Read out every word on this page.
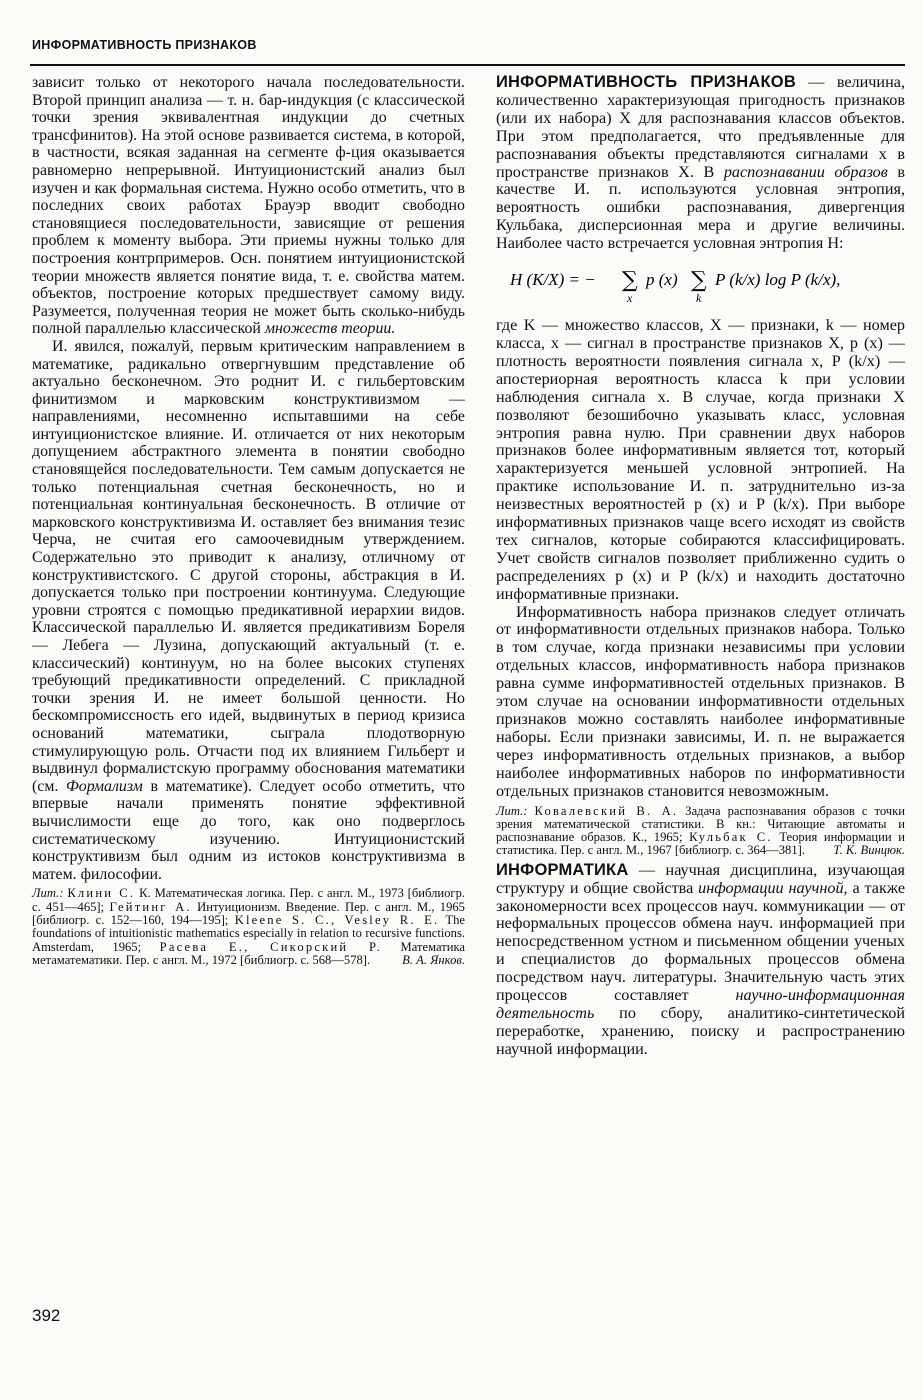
ИНФОРМАТИВНОСТЬ ПРИЗНАКОВ

зависит только от некоторого начала последовательности. Второй принцип анализа — т. н. бар-индукция (с классической точки зрения эквивалентная индукции до счетных трансфинитов). На этой основе развивается система, в которой, в частности, всякая заданная на сегменте ф-ция оказывается равномерно непрерывной. Интуиционистский анализ был изучен и как формальная система. Нужно особо отметить, что в последних своих работах Брауэр вводит свободно становящиеся последовательности, зависящие от решения проблем к моменту выбора. Эти приемы нужны только для построения контрпримеров. Осн. понятием интуиционистской теории множеств является понятие вида, т. е. свойства матем. объектов, построение которых предшествует самому виду. Разумеется, полученная теория не может быть сколько-нибудь полной параллелью классической множеств теории.

И. явился, пожалуй, первым критическим направлением в математике, радикально отвергнувшим представление об актуально бесконечном. Это роднит И. с гильбертовским финитизмом и марковским конструктивизмом —направлениями, несомненно испытавшими на себе интуиционистское влияние. И. отличается от них некоторым допущением абстрактного элемента в понятии свободно становящейся последовательности. Тем самым допускается не только потенциальная счетная бесконечность, но и потенциальная континуальная бесконечность. В отличие от марковского конструктивизма И. оставляет без внимания тезис Черча, не считая его самоочевидным утверждением. Содержательно это приводит к анализу, отличному от конструктивистского. С другой стороны, абстракция в И. допускается только при построении континуума. Следующие уровни строятся с помощью предикативной иерархии видов. Классической параллелью И. является предикативизм Бореля — Лебега — Лузина, допускающий актуальный (т. е. классический) континуум, но на более высоких ступенях требующий предикативности определений. С прикладной точки зрения И. не имеет большой ценности. Но бескомпромиссность его идей, выдвинутых в период кризиса оснований математики, сыграла плодотворную стимулирующую роль. Отчасти под их влиянием Гильберт и выдвинул формалистскую программу обоснования математики (см. Формализм в математике). Следует особо отметить, что впервые начали применять понятие эффективной вычислимости еще до того, как оно подверглось систематическому изучению. Интуиционистский конструктивизм был одним из истоков конструктивизма в матем. философии.

Лит.: Клини С. К. Математическая логика. Пер. с англ. М., 1973 [библиогр. с. 451—465]; Гейтинг А. Интуиционизм. Введение. Пер. с англ. М., 1965 [библиогр. с. 152—160, 194—195]; Kleene S. C., Vesley R. E. The foundations of intuitionistic mathematics especially in relation to recursive functions. Amsterdam, 1965; Расева Е., Сикорский Р. Математика метаматематики. Пер. с англ. М., 1972 [библиогр. с. 568—578].	В. А. Янков.

ИНФОРМАТИВНОСТЬ ПРИЗНАКОВ — величина, количественно характеризующая пригодность признаков (или их набора) X для распознавания классов объектов. При этом предполагается, что предъявленные для распознавания объекты представляются сигналами x в пространстве признаков X. В распознавании образов в качестве И. п. используются условная энтропия, вероятность ошибки распознавания, дивергенция Кульбака, дисперсионная мера и другие величины. Наиболее часто встречается условная энтропия H:

H (K/X) = − ∑
x
p (x) ∑
k
P (k/x) log P (k/x),

где K — множество классов, X — признаки, k — номер класса, x — сигнал в пространстве признаков X, p (x) — плотность вероятности появления сигнала x, P (k/x) — апостериорная вероятность класса k при условии наблюдения сигнала x. В случае, когда признаки X позволяют безошибочно указывать класс, условная энтропия равна нулю. При сравнении двух наборов признаков более информативным является тот, который характеризуется меньшей условной энтропией. На практике использование И. п. затруднительно из-за неизвестных вероятностей p (x) и P (k/x). При выборе информативных признаков чаще всего исходят из свойств тех сигналов, которые собираются классифицировать. Учет свойств сигналов позволяет приближенно судить о распределениях p (x) и P (k/x) и находить достаточно информативные признаки.

Информативность набора признаков следует отличать от информативности отдельных признаков набора. Только в том случае, когда признаки независимы при условии отдельных классов, информативность набора признаков равна сумме информативностей отдельных признаков. В этом случае на основании информативности отдельных признаков можно составлять наиболее информативные наборы. Если признаки зависимы, И. п. не выражается через информативность отдельных признаков, а выбор наиболее информативных наборов по информативности отдельных признаков становится невозможным.

Лит.: Ковалевский В. А. Задача распознавания образов с точки зрения математической статистики. В кн.: Читающие автоматы и распознавание образов. К., 1965; Кульбак С. Теория информации и статистика. Пер. с англ. М., 1967 [библиогр. с. 364—381]. Т. К. Винцюк.

ИНФОРМАТИКА — научная дисциплина, изучающая структуру и общие свойства информации научной, а также закономерности всех процессов науч. коммуникации — от неформальных процессов обмена науч. информацией при непосредственном устном и письменном общении ученых и специалистов до формальных процессов обмена посредством науч. литературы. Значительную часть этих процессов составляет	научно-информационная деятельность по сбору, аналитико-синтетической переработке, хранению, поиску и распространению научной информации.

392
